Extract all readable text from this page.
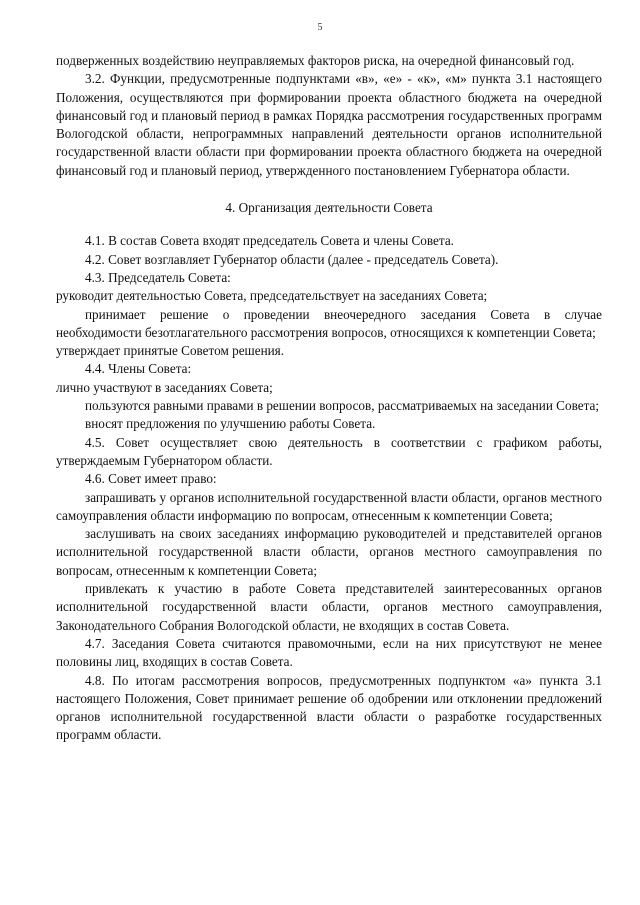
5

подверженных воздействию неуправляемых факторов риска, на очередной финансовый год.

3.2. Функции, предусмотренные подпунктами «в», «е» - «к», «м» пункта 3.1 настоящего Положения, осуществляются при формировании проекта областного бюджета на очередной финансовый год и плановый период в рамках Порядка рассмотрения государственных программ Вологодской области, непрограммных направлений деятельности органов исполнительной государственной власти области при формировании проекта областного бюджета на очередной финансовый год и плановый период, утвержденного постановлением Губернатора области.

4. Организация деятельности Совета

4.1. В состав Совета входят председатель Совета и члены Совета.

4.2. Совет возглавляет Губернатор области (далее - председатель Совета).

4.3. Председатель Совета:

руководит деятельностью Совета, председательствует на заседаниях Совета;

принимает решение о проведении внеочередного заседания Совета в случае необходимости безотлагательного рассмотрения вопросов, относящихся к компетенции Совета;

утверждает принятые Советом решения.

4.4. Члены Совета:

лично участвуют в заседаниях Совета;

пользуются равными правами в решении вопросов, рассматриваемых на заседании Совета;

вносят предложения по улучшению работы Совета.

4.5. Совет осуществляет свою деятельность в соответствии с графиком работы, утверждаемым Губернатором области.

4.6. Совет имеет право:

запрашивать у органов исполнительной государственной власти области, органов местного самоуправления области информацию по вопросам, отнесенным к компетенции Совета;

заслушивать на своих заседаниях информацию руководителей и представителей органов исполнительной государственной власти области, органов местного самоуправления по вопросам, отнесенным к компетенции Совета;

привлекать к участию в работе Совета представителей заинтересованных органов исполнительной государственной власти области, органов местного самоуправления, Законодательного Собрания Вологодской области, не входящих в состав Совета.

4.7. Заседания Совета считаются правомочными, если на них присутствуют не менее половины лиц, входящих в состав Совета.

4.8. По итогам рассмотрения вопросов, предусмотренных подпунктом «а» пункта 3.1 настоящего Положения, Совет принимает решение об одобрении или отклонении предложений органов исполнительной государственной власти области о разработке государственных программ области.
